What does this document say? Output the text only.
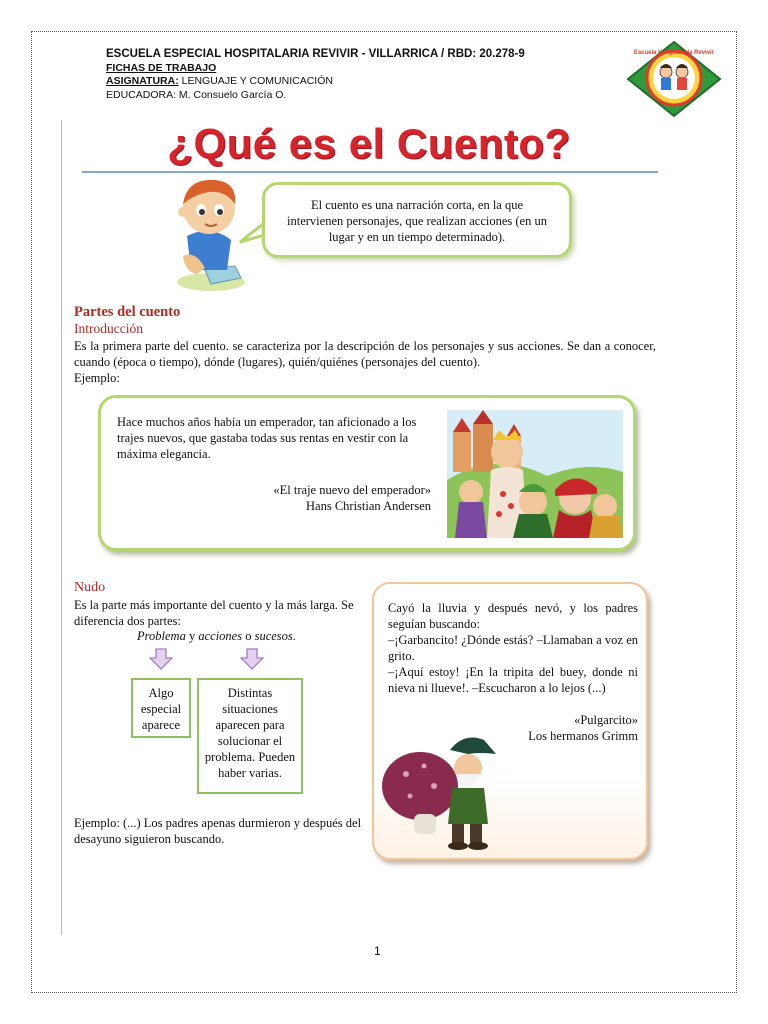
ESCUELA ESPECIAL HOSPITALARIA REVIVIR - VILLARRICA / RBD: 20.278-9
FICHAS DE TRABAJO
ASIGNATURA: LENGUAJE Y COMUNICACIÓN
EDUCADORA: M. Consuelo García O.
Escuela Hospitalaria Revivir
¿Qué es el Cuento?
El cuento es una narración corta, en la que intervienen personajes, que realizan acciones (en un lugar y en un tiempo determinado).
Partes del cuento
Introducción
Es la primera parte del cuento. se caracteriza por la descripción de los personajes y sus acciones. Se dan a conocer, cuando (época o tiempo), dónde (lugares), quién/quiénes (personajes del cuento).
Ejemplo:
Hace muchos años había un emperador, tan aficionado a los trajes nuevos, que gastaba todas sus rentas en vestir con la máxima elegancia.
«El traje nuevo del emperador»
Hans Christian Andersen
Nudo
Es la parte más importante del cuento y la más larga. Se diferencia dos partes:
Problema y acciones o sucesos.
Algo especial aparece
Distintas situaciones aparecen para solucionar el problema. Pueden haber varias.
Ejemplo: (...) Los padres apenas durmieron y después del desayuno siguieron buscando.
Cayó la lluvia y después nevó, y los padres seguían buscando:
–¡Garbancito! ¿Dónde estás? –Llamaban a voz en grito.
–¡Aquí estoy! ¡En la tripita del buey, donde ni nieva ni llueve!. –Escucharon a lo lejos (...)
«Pulgarcito»
Los hermanos Grimm
1
